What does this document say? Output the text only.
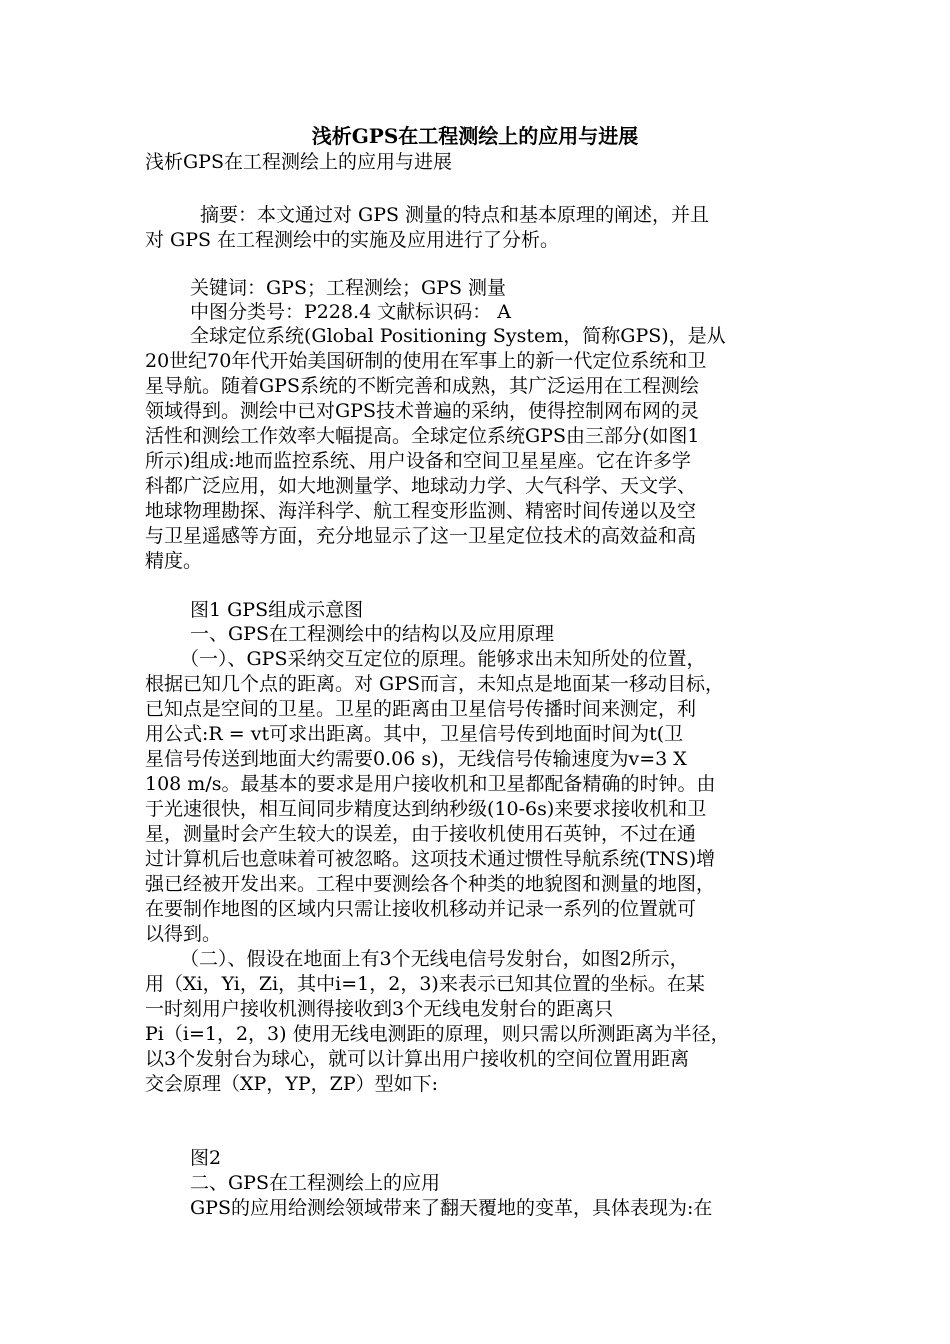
浅析GPS在工程测绘上的应用与进展
浅析GPS在工程测绘上的应用与进展
摘要：本文通过对 GPS 测量的特点和基本原理的阐述，并且
对 GPS 在工程测绘中的实施及应用进行了分析。
关键词：GPS；工程测绘；GPS 测量
中图分类号：P228.4 文献标识码： A
全球定位系统(Global Positioning System，简称GPS)，是从
20世纪70年代开始美国研制的使用在军事上的新一代定位系统和卫
星导航。随着GPS系统的不断完善和成熟，其广泛运用在工程测绘
领域得到。测绘中已对GPS技术普遍的采纳，使得控制网布网的灵
活性和测绘工作效率大幅提高。全球定位系统GPS由三部分(如图1
所示)组成:地而监控系统、用户设备和空间卫星星座。它在许多学
科都广泛应用，如大地测量学、地球动力学、大气科学、天文学、
地球物理勘探、海洋科学、航工程变形监测、精密时间传递以及空
与卫星遥感等方面，充分地显示了这一卫星定位技术的高效益和高
精度。
图1 GPS组成示意图
一、GPS在工程测绘中的结构以及应用原理
（一）、GPS采纳交互定位的原理。能够求出未知所处的位置，
根据已知几个点的距离。对 GPS而言，未知点是地面某一移动目标，
已知点是空间的卫星。卫星的距离由卫星信号传播时间来测定，利
用公式:R = vt可求出距离。其中，卫星信号传到地面时间为t(卫
星信号传送到地面大约需要0.06 s)，无线信号传输速度为v=3 X
108 m/s。最基本的要求是用户接收机和卫星都配备精确的时钟。由
于光速很快，相互间同步精度达到纳秒级(10-6s)来要求接收机和卫
星，测量时会产生较大的误差，由于接收机使用石英钟，不过在通
过计算机后也意味着可被忽略。这项技术通过惯性导航系统(TNS)增
强已经被开发出来。工程中要测绘各个种类的地貌图和测量的地图，
在要制作地图的区域内只需让接收机移动并记录一系列的位置就可
以得到。
（二）、假设在地面上有3个无线电信号发射台，如图2所示，
用（Xi，Yi，Zi，其中i=1，2，3)来表示已知其位置的坐标。在某
一时刻用户接收机测得接收到3个无线电发射台的距离只
Pi（i=1，2，3) 使用无线电测距的原理，则只需以所测距离为半径，
以3个发射台为球心，就可以计算出用户接收机的空间位置用距离
交会原理（XP，YP，ZP）型如下:
图2
二、GPS在工程测绘上的应用
GPS的应用给测绘领域带来了翻天覆地的变革，具体表现为:在
